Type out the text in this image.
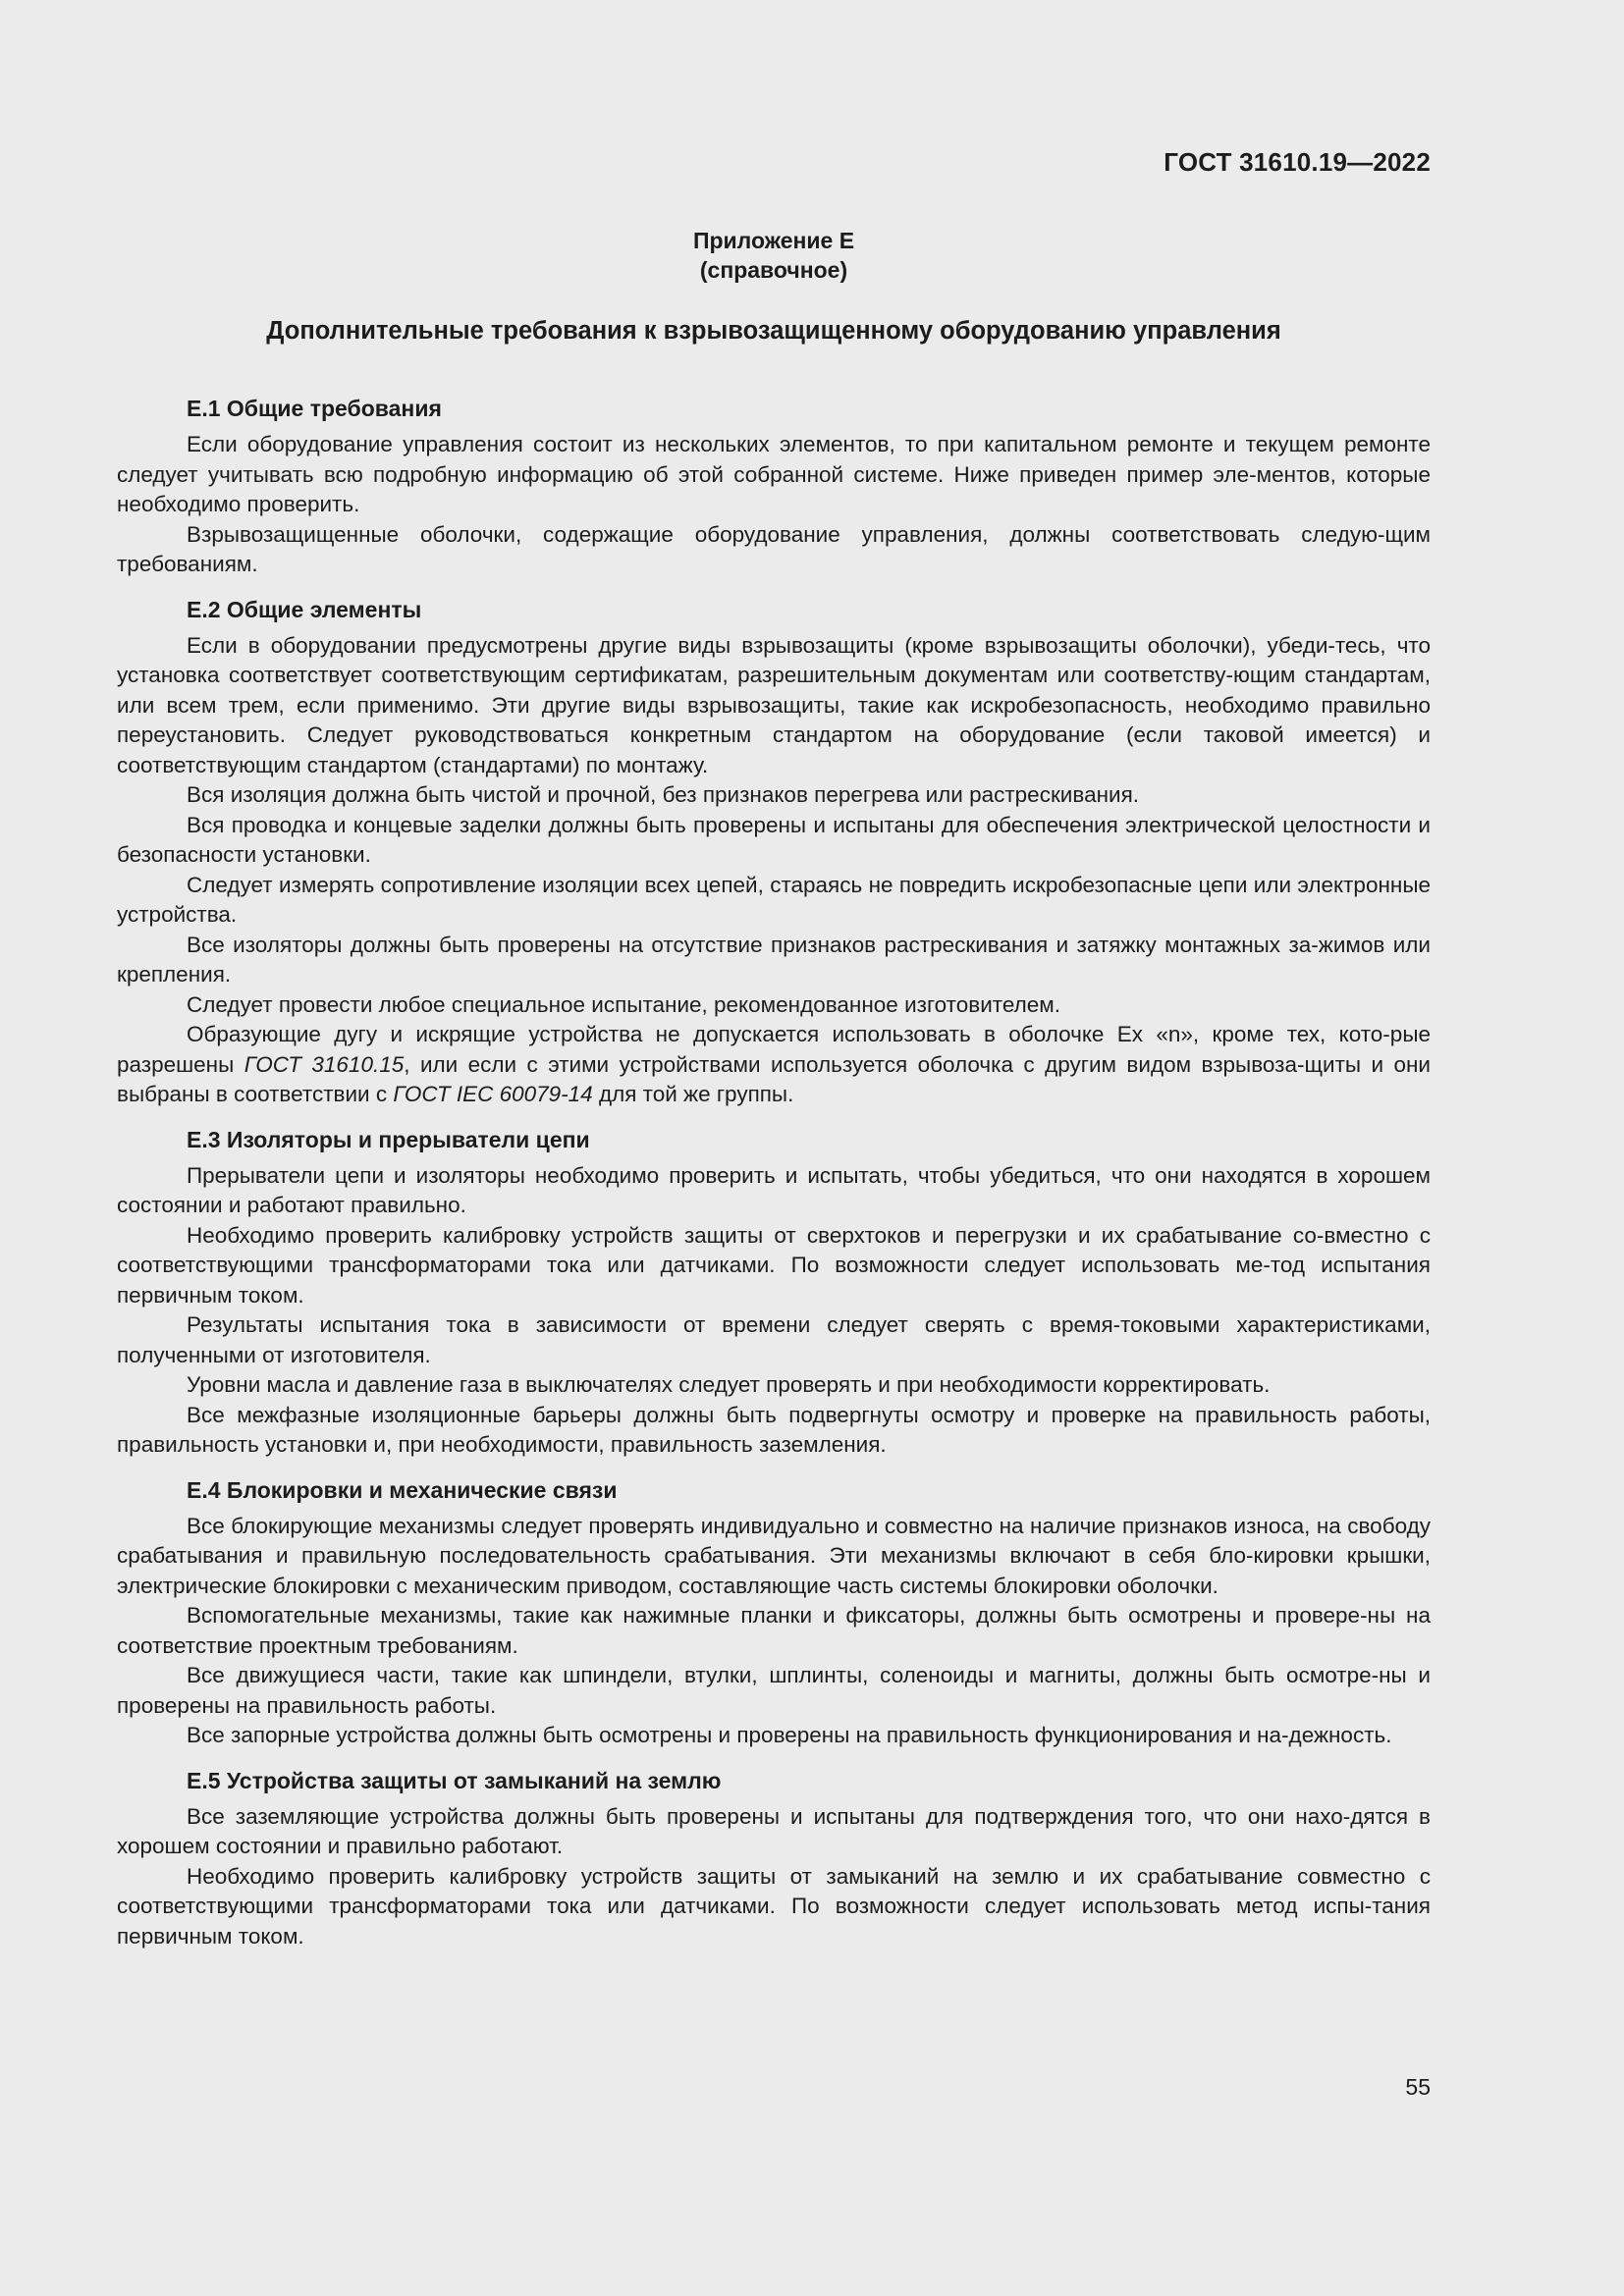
ГОСТ 31610.19—2022
Приложение Е
(справочное)
Дополнительные требования к взрывозащищенному оборудованию управления
Е.1 Общие требования

Если оборудование управления состоит из нескольких элементов, то при капитальном ремонте и текущем ремонте следует учитывать всю подробную информацию об этой собранной системе. Ниже приведен пример эле-ментов, которые необходимо проверить.

Взрывозащищенные оболочки, содержащие оборудование управления, должны соответствовать следую-щим требованиям.

Е.2 Общие элементы

Если в оборудовании предусмотрены другие виды взрывозащиты (кроме взрывозащиты оболочки), убеди-тесь, что установка соответствует соответствующим сертификатам, разрешительным документам или соответству-ющим стандартам, или всем трем, если применимо. Эти другие виды взрывозащиты, такие как искробезопасность, необходимо правильно переустановить. Следует руководствоваться конкретным стандартом на оборудование (если таковой имеется) и соответствующим стандартом (стандартами) по монтажу.

Вся изоляция должна быть чистой и прочной, без признаков перегрева или растрескивания.

Вся проводка и концевые заделки должны быть проверены и испытаны для обеспечения электрической целостности и безопасности установки.

Следует измерять сопротивление изоляции всех цепей, стараясь не повредить искробезопасные цепи или электронные устройства.

Все изоляторы должны быть проверены на отсутствие признаков растрескивания и затяжку монтажных за-жимов или крепления.

Следует провести любое специальное испытание, рекомендованное изготовителем.

Образующие дугу и искрящие устройства не допускается использовать в оболочке Ex «n», кроме тех, кото-рые разрешены ГОСТ 31610.15, или если с этими устройствами используется оболочка с другим видом взрывоза-щиты и они выбраны в соответствии с ГОСТ IEC 60079-14 для той же группы.

Е.3 Изоляторы и прерыватели цепи

Прерыватели цепи и изоляторы необходимо проверить и испытать, чтобы убедиться, что они находятся в хорошем состоянии и работают правильно.

Необходимо проверить калибровку устройств защиты от сверхтоков и перегрузки и их срабатывание со-вместно с соответствующими трансформаторами тока или датчиками. По возможности следует использовать ме-тод испытания первичным током.

Результаты испытания тока в зависимости от времени следует сверять с время-токовыми характеристиками, полученными от изготовителя.

Уровни масла и давление газа в выключателях следует проверять и при необходимости корректировать.

Все межфазные изоляционные барьеры должны быть подвергнуты осмотру и проверке на правильность работы, правильность установки и, при необходимости, правильность заземления.

Е.4 Блокировки и механические связи

Все блокирующие механизмы следует проверять индивидуально и совместно на наличие признаков износа, на свободу срабатывания и правильную последовательность срабатывания. Эти механизмы включают в себя бло-кировки крышки, электрические блокировки с механическим приводом, составляющие часть системы блокировки оболочки.

Вспомогательные механизмы, такие как нажимные планки и фиксаторы, должны быть осмотрены и провере-ны на соответствие проектным требованиям.

Все движущиеся части, такие как шпиндели, втулки, шплинты, соленоиды и магниты, должны быть осмотре-ны и проверены на правильность работы.

Все запорные устройства должны быть осмотрены и проверены на правильность функционирования и на-дежность.

Е.5 Устройства защиты от замыканий на землю

Все заземляющие устройства должны быть проверены и испытаны для подтверждения того, что они нахо-дятся в хорошем состоянии и правильно работают.

Необходимо проверить калибровку устройств защиты от замыканий на землю и их срабатывание совместно с соответствующими трансформаторами тока или датчиками. По возможности следует использовать метод испы-тания первичным током.

55
